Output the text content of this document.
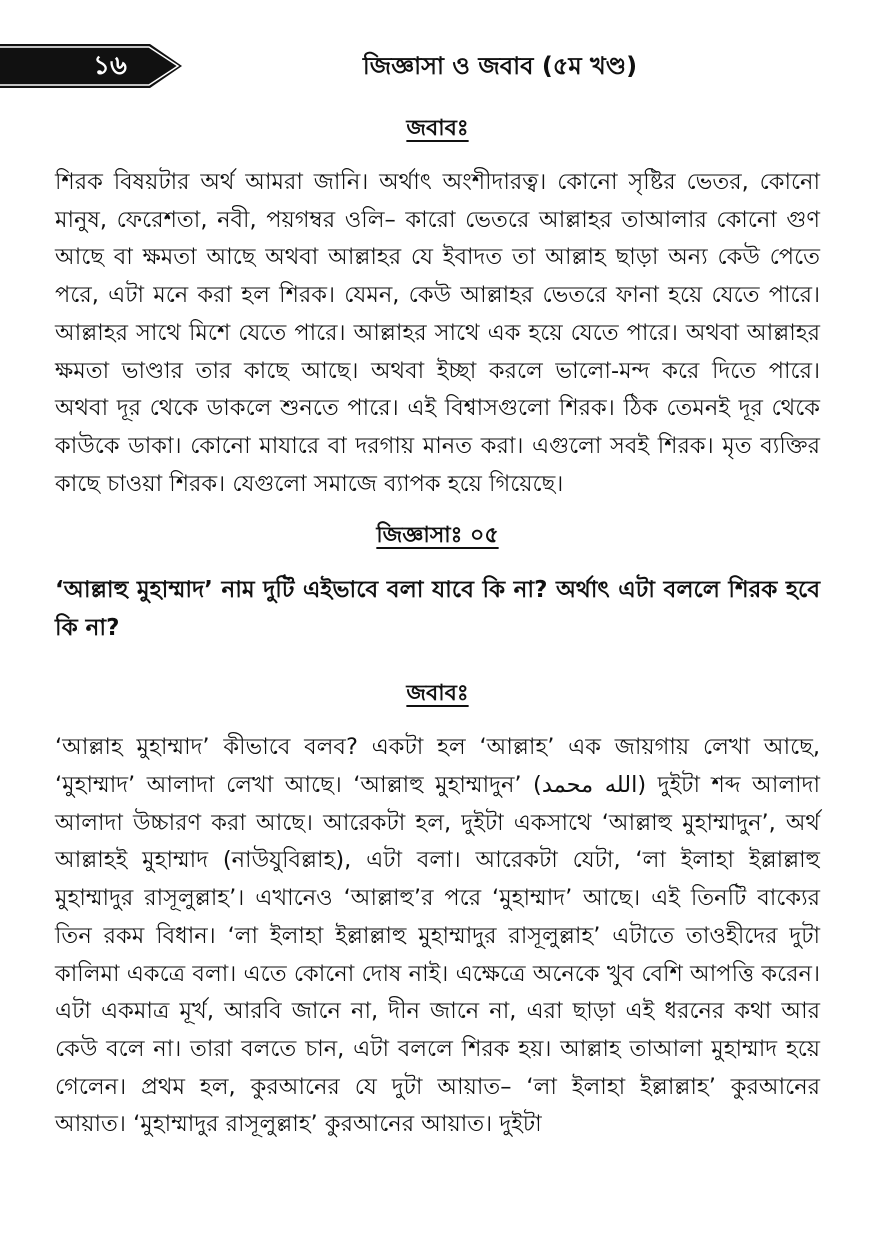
১৬	জিজ্ঞাসা ও জবাব (৫ম খণ্ড)

জবাবঃ

শিরক বিষয়টার অর্থ আমরা জানি। অর্থাৎ অংশীদারত্ব। কোনো সৃষ্টির ভেতর, কোনো মানুষ, ফেরেশতা, নবী, পয়গম্বর ওলি– কারো ভেতরে আল্লাহর তাআলার কোনো গুণ আছে বা ক্ষমতা আছে অথবা আল্লাহর যে ইবাদত তা আল্লাহ ছাড়া অন্য কেউ পেতে পরে, এটা মনে করা হল শিরক। যেমন, কেউ আল্লাহর ভেতরে ফানা হয়ে যেতে পারে। আল্লাহর সাথে মিশে যেতে পারে। আল্লাহর সাথে এক হয়ে যেতে পারে। অথবা আল্লাহর ক্ষমতা ভাণ্ডার তার কাছে আছে। অথবা ইচ্ছা করলে ভালো-মন্দ করে দিতে পারে। অথবা দূর থেকে ডাকলে শুনতে পারে। এই বিশ্বাসগুলো শিরক। ঠিক তেমনই দূর থেকে কাউকে ডাকা। কোনো মাযারে বা দরগায় মানত করা। এগুলো সবই শিরক। মৃত ব্যক্তির কাছে চাওয়া শিরক। যেগুলো সমাজে ব্যাপক হয়ে গিয়েছে।

জিজ্ঞাসাঃ ০৫

‘আল্লাহু মুহাম্মাদ’ নাম দুটি এইভাবে বলা যাবে কি না? অর্থাৎ এটা বললে শিরক হবে কি না?

জবাবঃ

‘আল্লাহ মুহাম্মাদ’ কীভাবে বলব? একটা হল ‘আল্লাহ’ এক জায়গায় লেখা আছে, ‘মুহাম্মাদ’ আলাদা লেখা আছে। ‘আল্লাহু মুহাম্মাদুন’ (الله محمد) দুইটা শব্দ আলাদা আলাদা উচ্চারণ করা আছে। আরেকটা হল, দুইটা একসাথে ‘আল্লাহু মুহাম্মাদুন’, অর্থ আল্লাহই মুহাম্মাদ (নাউযুবিল্লাহ), এটা বলা। আরেকটা যেটা, ‘লা ইলাহা ইল্লাল্লাহু মুহাম্মাদুর রাসূলুল্লাহ’। এখানেও ‘আল্লাহু’র পরে ‘মুহাম্মাদ’ আছে। এই তিনটি বাক্যের তিন রকম বিধান। ‘লা ইলাহা ইল্লাল্লাহু মুহাম্মাদুর রাসূলুল্লাহ’ এটাতে তাওহীদের দুটা কালিমা একত্রে বলা। এতে কোনো দোষ নাই। এক্ষেত্রে অনেকে খুব বেশি আপত্তি করেন। এটা একমাত্র মূর্খ, আরবি জানে না, দীন জানে না, এরা ছাড়া এই ধরনের কথা আর কেউ বলে না। তারা বলতে চান, এটা বললে শিরক হয়। আল্লাহ তাআলা মুহাম্মাদ হয়ে গেলেন। প্রথম হল, কুরআনের যে দুটা আয়াত– ‘লা ইলাহা ইল্লাল্লাহ’ কুরআনের আয়াত। ‘মুহাম্মাদুর রাসূলুল্লাহ’ কুরআনের আয়াত। দুইটা
